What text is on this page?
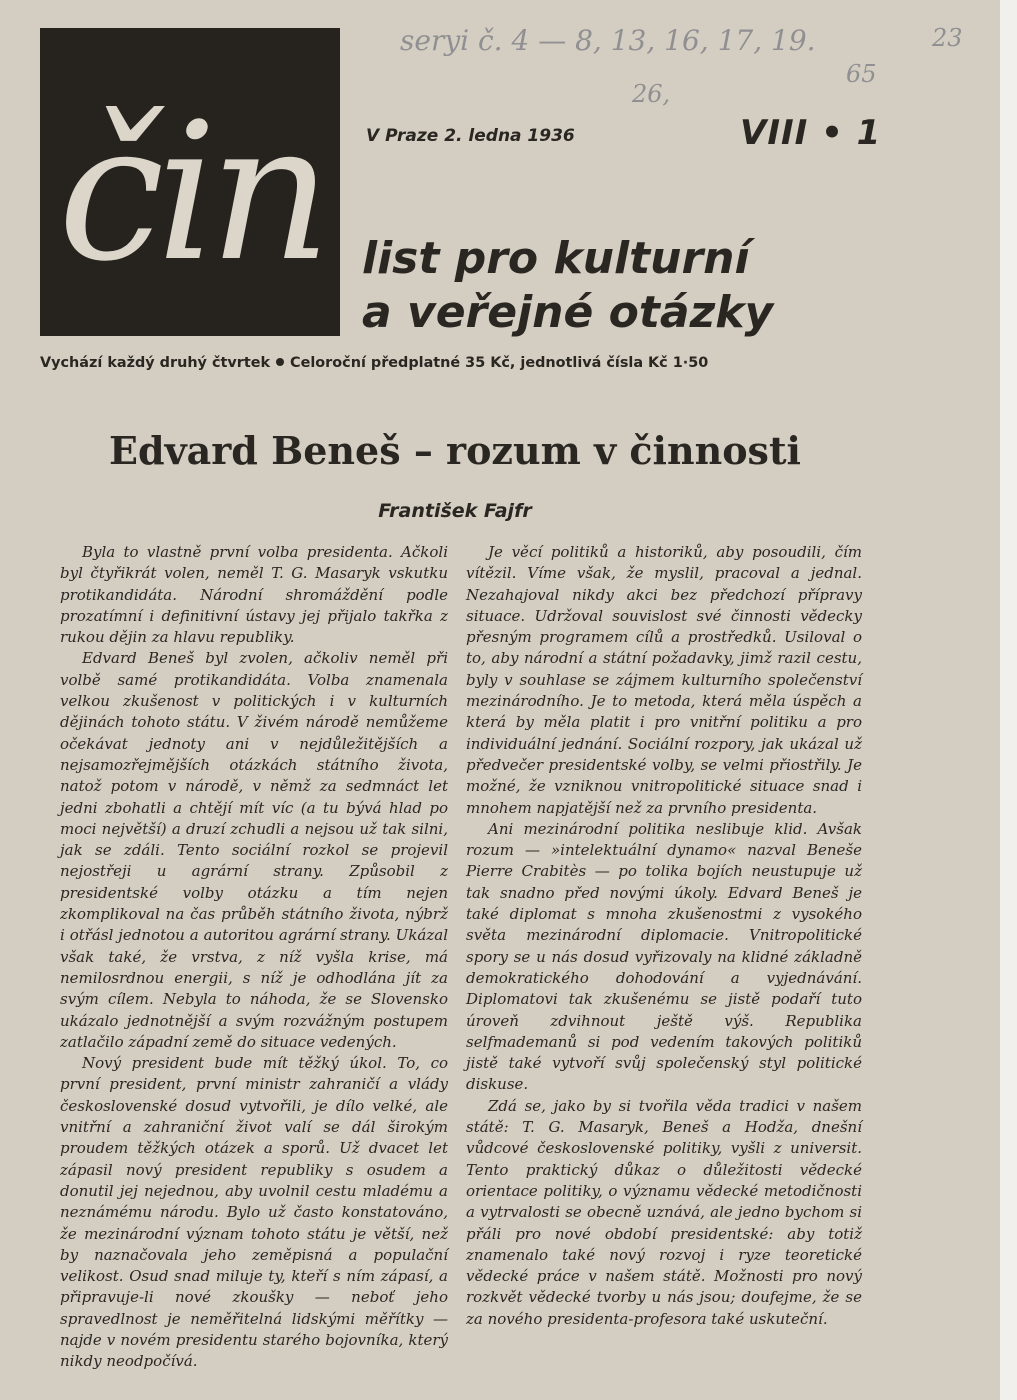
čin
seryi č. 4 — 8, 13, 16, 17, 19.	23
65
26,
V Praze 2. ledna 1936	VIII • 1
list pro kulturní
a veřejné otázky
Vychází každý druhý čtvrtek Celoroční předplatné 35 Kč, jednotlivá čísla Kč 1·50
Edvard Beneš – rozum v činnosti
František Fajfr

Byla to vlastně první volba presidenta. Ačkoli byl čtyřikrát volen, neměl T. G. Masaryk vskutku protikandidáta. Národní shromáždění podle prozatímní i definitivní ústavy jej přijalo takřka z rukou dějin za hlavu republiky.

Edvard Beneš byl zvolen, ačkoliv neměl při volbě samé protikandidáta. Volba znamenala velkou zkušenost v politických i v kulturních dějinách tohoto státu. V živém národě nemůžeme očekávat jednoty ani v nejdůležitějších a nejsamozřejmějších otázkách státního života, natož potom v národě, v němž za sedmnáct let jedni zbohatli a chtějí mít víc (a tu bývá hlad po moci největší) a druzí zchudli a nejsou už tak silni, jak se zdáli. Tento sociální rozkol se projevil nejostřeji u agrární strany. Způsobil z presidentské volby otázku a tím nejen zkomplikoval na čas průběh státního života, nýbrž i otřásl jednotou a autoritou agrární strany. Ukázal však také, že vrstva, z níž vyšla krise, má nemilosrdnou energii, s níž je odhodlána jít za svým cílem. Nebyla to náhoda, že se Slovensko ukázalo jednotnější a svým rozvážným postupem zatlačilo západní země do situace vedených.

Nový president bude mít těžký úkol. To, co první president, první ministr zahraničí a vlády československé dosud vytvořili, je dílo velké, ale vnitřní a zahraniční život valí se dál širokým proudem těžkých otázek a sporů. Už dvacet let zápasil nový president republiky s osudem a donutil jej nejednou, aby uvolnil cestu mladému a neznámému národu. Bylo už často konstatováno, že mezinárodní význam tohoto státu je větší, než by naznačovala jeho zeměpisná a populační velikost. Osud snad miluje ty, kteří s ním zápasí, a připravuje-li nové zkoušky — neboť jeho spravedlnost je neměřitelná lidskými měřítky — najde v novém presidentu starého bojovníka, který nikdy neodpočívá.

Je věcí politiků a historiků, aby posoudili, čím vítězil. Víme však, že myslil, pracoval a jednal. Nezahajoval nikdy akci bez předchozí přípravy situace. Udržoval souvislost své činnosti vědecky přesným programem cílů a prostředků. Usiloval o to, aby národní a státní požadavky, jimž razil cestu, byly v souhlase se zájmem kulturního společenství mezinárodního. Je to metoda, která měla úspěch a která by měla platit i pro vnitřní politiku a pro individuální jednání. Sociální rozpory, jak ukázal už předvečer presidentské volby, se velmi přiostřily. Je možné, že vzniknou vnitropolitické situace snad i mnohem napjatější než za prvního presidenta.

Ani mezinárodní politika neslibuje klid. Avšak rozum — »intelektuální dynamo« nazval Beneše Pierre Crabitès — po tolika bojích neustupuje už tak snadno před novými úkoly. Edvard Beneš je také diplomat s mnoha zkušenostmi z vysokého světa mezinárodní diplomacie. Vnitropolitické spory se u nás dosud vyřizovaly na klidné základně demokratického dohodování a vyjednávání. Diplomatovi tak zkušenému se jistě podaří tuto úroveň zdvihnout ještě výš. Republika selfmademanů si pod vedením takových politiků jistě také vytvoří svůj společenský styl politické diskuse.

Zdá se, jako by si tvořila věda tradici v našem státě: T. G. Masaryk, Beneš a Hodža, dnešní vůdcové československé politiky, vyšli z universit. Tento praktický důkaz o důležitosti vědecké orientace politiky, o významu vědecké metodičnosti a vytrvalosti se obecně uznává, ale jedno bychom si přáli pro nové období presidentské: aby totiž znamenalo také nový rozvoj i ryze teoretické vědecké práce v našem státě. Možnosti pro nový rozkvět vědecké tvorby u nás jsou; doufejme, že se za nového presidenta-profesora také uskuteční.
